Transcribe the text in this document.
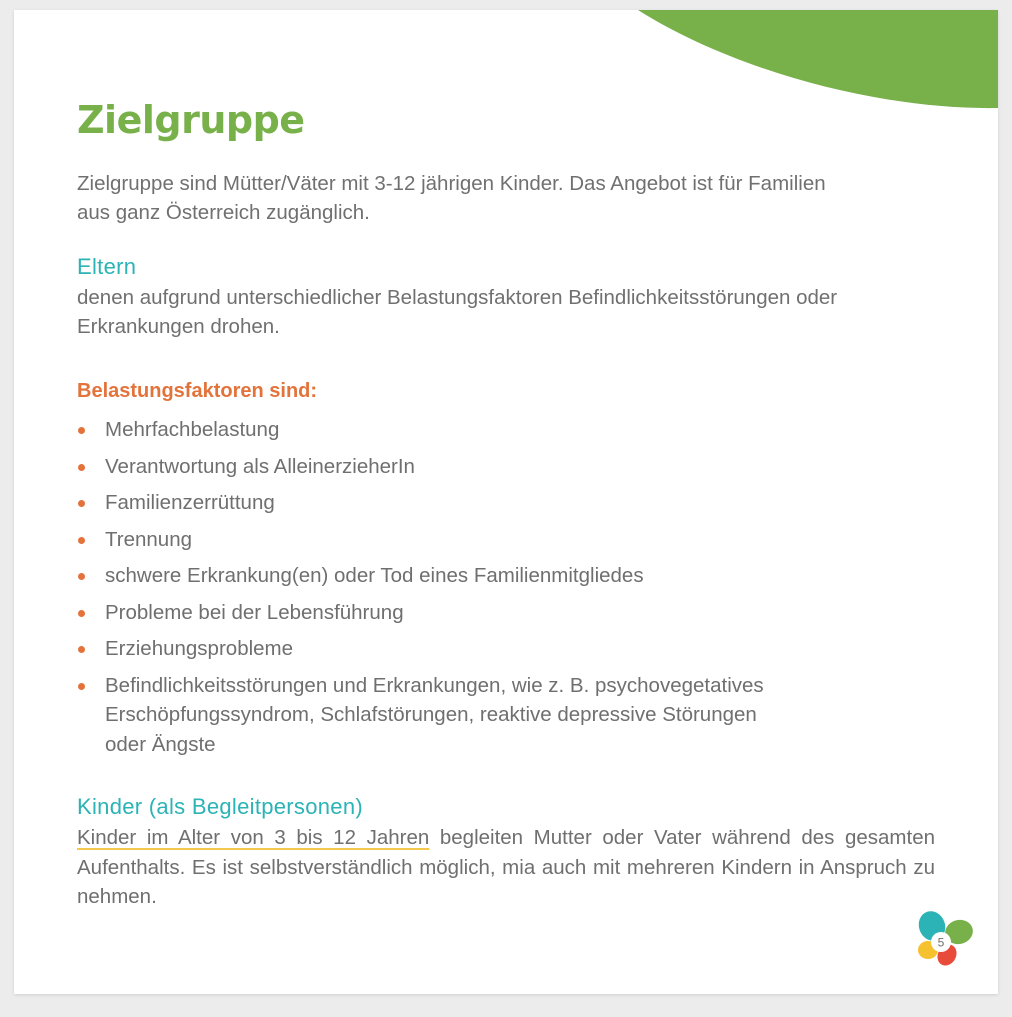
Zielgruppe

Zielgruppe sind Mütter/Väter mit 3-12 jährigen Kinder. Das Angebot ist für Familien
aus ganz Österreich zugänglich.

Eltern

denen aufgrund unterschiedlicher Belastungsfaktoren Befindlichkeitsstörungen oder
Erkrankungen drohen.

Belastungsfaktoren sind:
Mehrfachbelastung
Verantwortung als AlleinerzieherIn
Familienzerrüttung
Trennung
schwere Erkrankung(en) oder Tod eines Familienmitgliedes
Probleme bei der Lebensführung
Erziehungsprobleme
Befindlichkeitsstörungen und Erkrankungen, wie z. B. psychovegetatives
Erschöpfungssyndrom, Schlafstörungen, reaktive depressive Störungen
oder Ängste
Kinder (als Begleitpersonen)

Kinder im Alter von 3 bis 12 Jahren begleiten Mutter oder Vater während des gesamten Aufenthalts. Es ist selbstverständlich möglich, mia auch mit mehreren Kindern in Anspruch zu nehmen.

5
